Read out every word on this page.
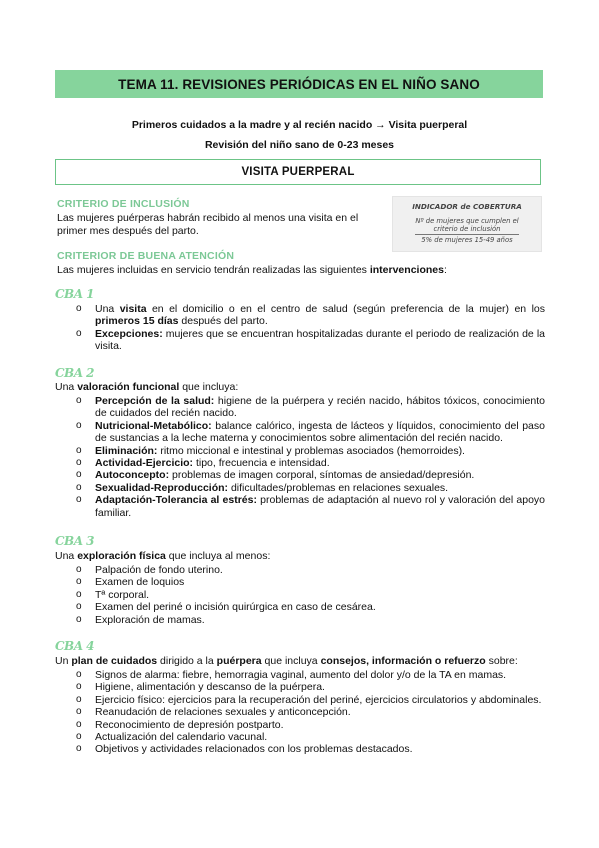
TEMA 11. REVISIONES PERIÓDICAS EN EL NIÑO SANO
Primeros cuidados a la madre y al recién nacido → Visita puerperal
Revisión del niño sano de 0-23 meses
VISITA PUERPERAL
CRITERIO DE INCLUSIÓN
Las mujeres puérperas habrán recibido al menos una visita en el primer mes después del parto.
INDICADOR de COBERTURA
Nº de mujeres que cumplen el criterio de inclusión
5% de mujeres 15-49 años
CRITERIOR DE BUENA ATENCIÓN
Las mujeres incluidas en servicio tendrán realizadas las siguientes intervenciones:
CBA 1
o Una visita en el domicilio o en el centro de salud (según preferencia de la mujer) en los primeros 15 días después del parto.
o Excepciones: mujeres que se encuentran hospitalizadas durante el periodo de realización de la visita.
CBA 2
Una valoración funcional que incluya:
o Percepción de la salud: higiene de la puérpera y recién nacido, hábitos tóxicos, conocimiento de cuidados del recién nacido.
o Nutricional-Metabólico: balance calórico, ingesta de lácteos y líquidos, conocimiento del paso de sustancias a la leche materna y conocimientos sobre alimentación del recién nacido.
o Eliminación: ritmo miccional e intestinal y problemas asociados (hemorroides).
o Actividad-Ejercicio: tipo, frecuencia e intensidad.
o Autoconcepto: problemas de imagen corporal, síntomas de ansiedad/depresión.
o Sexualidad-Reproducción: dificultades/problemas en relaciones sexuales.
o Adaptación-Tolerancia al estrés: problemas de adaptación al nuevo rol y valoración del apoyo familiar.
CBA 3
Una exploración física que incluya al menos:
o Palpación de fondo uterino.
o Examen de loquios
o Tª corporal.
o Examen del periné o incisión quirúrgica en caso de cesárea.
o Exploración de mamas.
CBA 4
Un plan de cuidados dirigido a la puérpera que incluya consejos, información o refuerzo sobre:
o Signos de alarma: fiebre, hemorragia vaginal, aumento del dolor y/o de la TA en mamas.
o Higiene, alimentación y descanso de la puérpera.
o Ejercicio físico: ejercicios para la recuperación del periné, ejercicios circulatorios y abdominales.
o Reanudación de relaciones sexuales y anticoncepción.
o Reconocimiento de depresión postparto.
o Actualización del calendario vacunal.
o Objetivos y actividades relacionados con los problemas destacados.
